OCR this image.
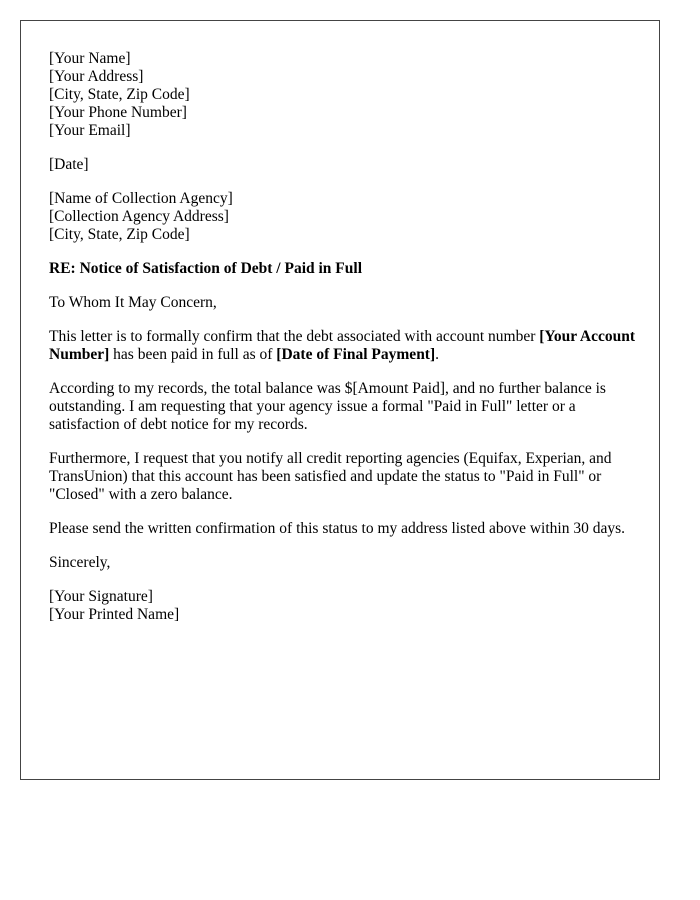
[Your Name]
[Your Address]
[City, State, Zip Code]
[Your Phone Number]
[Your Email]
[Date]
[Name of Collection Agency]
[Collection Agency Address]
[City, State, Zip Code]

RE: Notice of Satisfaction of Debt / Paid in Full

To Whom It May Concern,

This letter is to formally confirm that the debt associated with account number [Your Account Number] has been paid in full as of [Date of Final Payment].

According to my records, the total balance was $[Amount Paid], and no further balance is outstanding. I am requesting that your agency issue a formal "Paid in Full" letter or a satisfaction of debt notice for my records.

Furthermore, I request that you notify all credit reporting agencies (Equifax, Experian, and TransUnion) that this account has been satisfied and update the status to "Paid in Full" or "Closed" with a zero balance.

Please send the written confirmation of this status to my address listed above within 30 days.

Sincerely,

[Your Signature]
[Your Printed Name]
